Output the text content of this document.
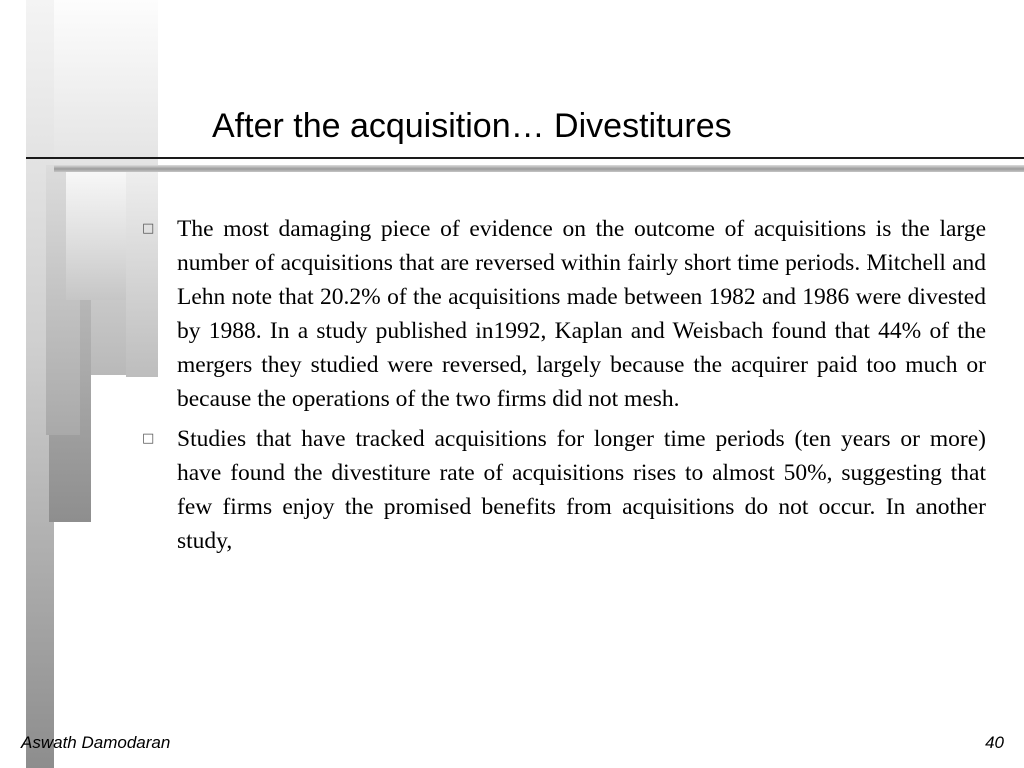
After the acquisition… Divestitures
□ The most damaging piece of evidence on the outcome of acquisitions is the large number of acquisitions that are reversed within fairly short time periods. Mitchell and Lehn note that 20.2% of the acquisitions made between 1982 and 1986 were divested by 1988. In a study published in1992, Kaplan and Weisbach found that 44% of the mergers they studied were reversed, largely because the acquirer paid too much or because the operations of the two firms did not mesh.
□ Studies that have tracked acquisitions for longer time periods (ten years or more) have found the divestiture rate of acquisitions rises to almost 50%, suggesting that few firms enjoy the promised benefits from acquisitions do not occur. In another study,
Aswath Damodaran	40
